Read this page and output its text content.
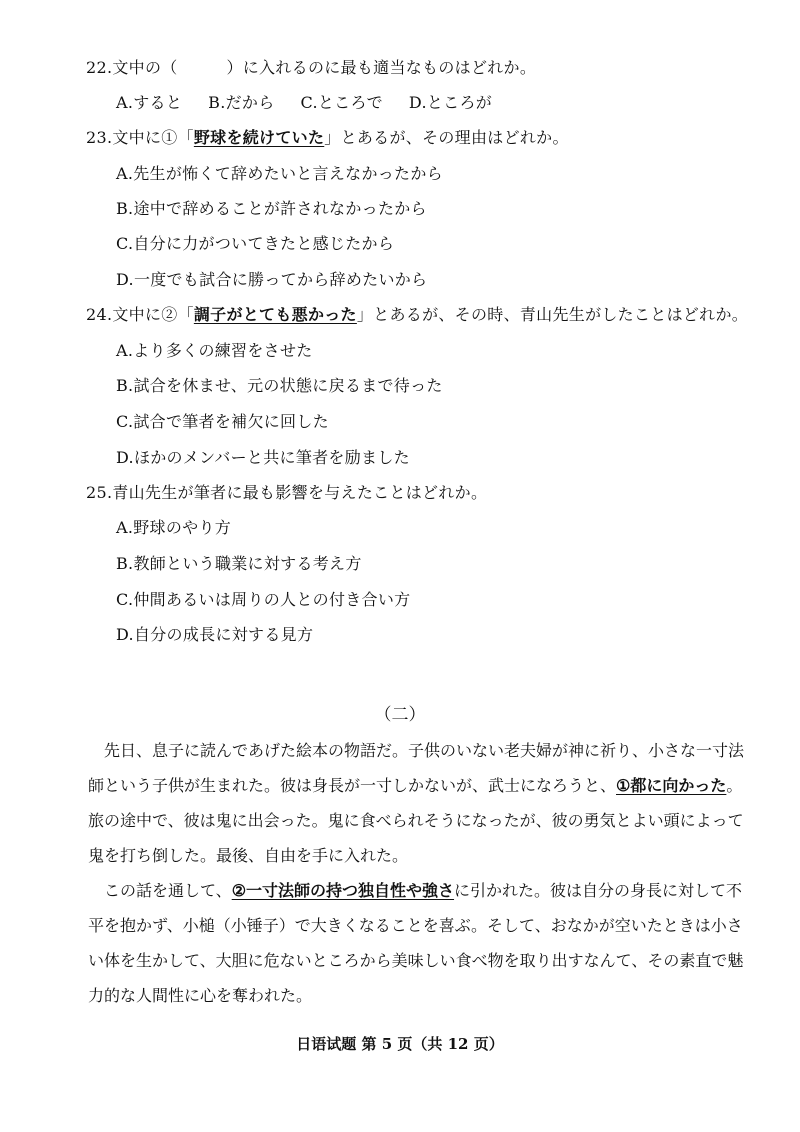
22.文中の（　　　）に入れるのに最も適当なものはどれか。
A.すると B.だから C.ところで D.ところが
23.文中に①「野球を続けていた」とあるが、その理由はどれか。
A.先生が怖くて辞めたいと言えなかったから
B.途中で辞めることが許されなかったから
C.自分に力がついてきたと感じたから
D.一度でも試合に勝ってから辞めたいから
24.文中に②「調子がとても悪かった」とあるが、その時、青山先生がしたことはどれか。
A.より多くの練習をさせた
B.試合を休ませ、元の状態に戻るまで待った
C.試合で筆者を補欠に回した
D.ほかのメンバーと共に筆者を励ました
25.青山先生が筆者に最も影響を与えたことはどれか。
A.野球のやり方
B.教師という職業に対する考え方
C.仲間あるいは周りの人との付き合い方
D.自分の成長に対する見方
（二）

先日、息子に読んであげた絵本の物語だ。子供のいない老夫婦が神に祈り、小さな一寸法師という子供が生まれた。彼は身長が一寸しかないが、武士になろうと、①都に向かった。旅の途中で、彼は鬼に出会った。鬼に食べられそうになったが、彼の勇気とよい頭によって鬼を打ち倒した。最後、自由を手に入れた。

この話を通して、②一寸法師の持つ独自性や強さに引かれた。彼は自分の身長に対して不平を抱かず、小槌（小锤子）で大きくなることを喜ぶ。そして、おなかが空いたときは小さい体を生かして、大胆に危ないところから美味しい食べ物を取り出すなんて、その素直で魅力的な人間性に心を奪われた。

日语试题 第 5 页（共 12 页）
